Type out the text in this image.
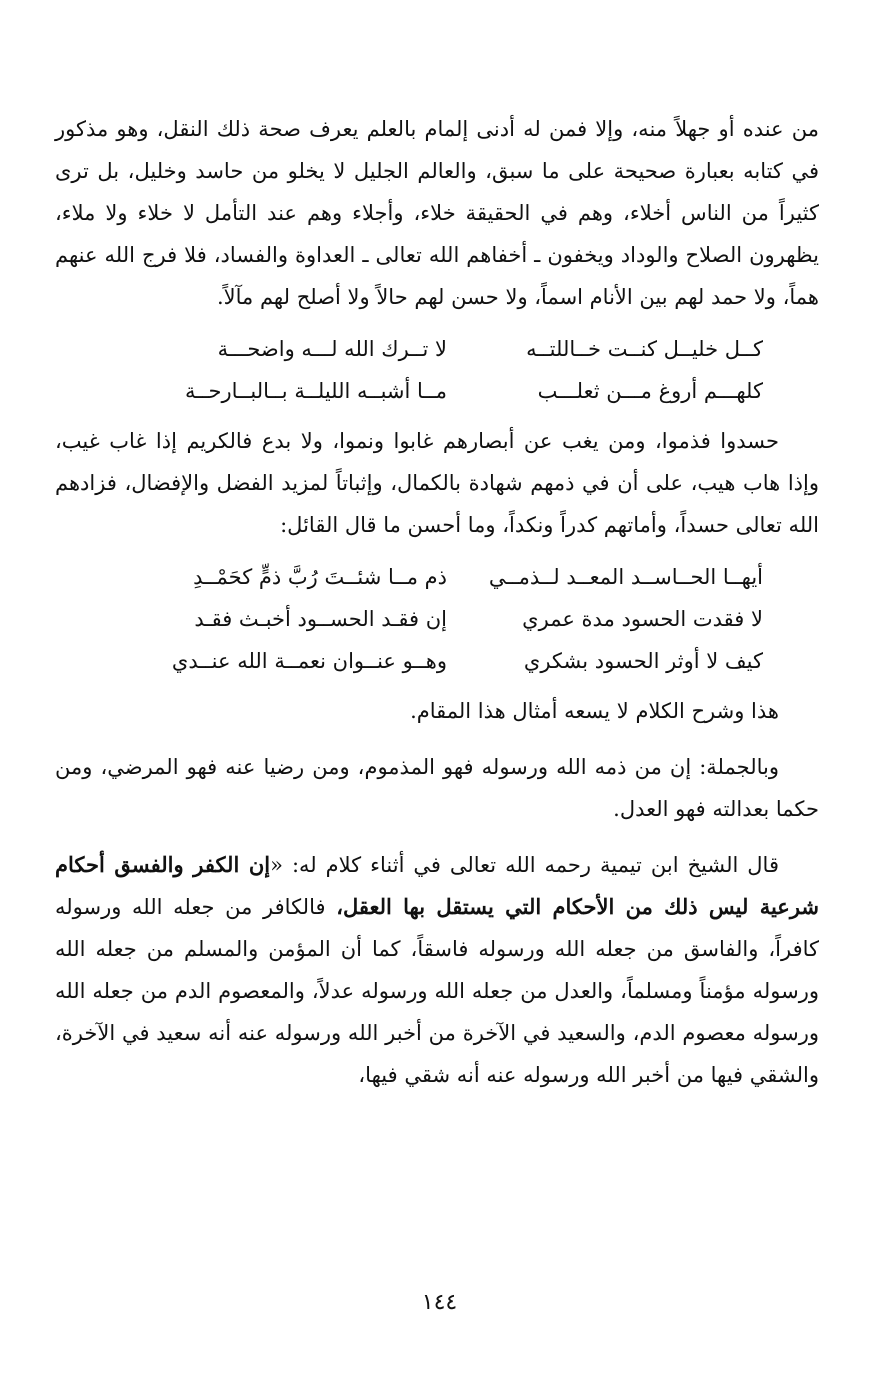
من عنده أو جهلاً منه، وإلا فمن له أدنى إلمام بالعلم يعرف صحة ذلك النقل، وهو مذكور في كتابه بعبارة صحيحة على ما سبق، والعالم الجليل لا يخلو من حاسد وخليل، بل ترى كثيراً من الناس أخلاء، وهم في الحقيقة خلاء، وأجلاء وهم عند التأمل لا خلاء ولا ملاء، يظهرون الصلاح والوداد ويخفون ـ أخفاهم الله تعالى ـ العداوة والفساد، فلا فرج الله عنهم هماً، ولا حمد لهم بين الأنام اسماً، ولا حسن لهم حالاً ولا أصلح لهم مآلاً.

كــل خليــل كنــت خــاللتــه
لا تــرك الله لـــه واضحـــة
كلهـــم أروغ مـــن ثعلـــب
مــا أشبــه الليلــة بــالبــارحــة

حسدوا فذموا، ومن يغب عن أبصارهم غابوا ونموا، ولا بدع فالكريم إذا غاب غيب، وإذا هاب هيب، على أن في ذمهم شهادة بالكمال، وإثباتاً لمزيد الفضل والإفضال، فزادهم الله تعالى حسداً، وأماتهم كدراً ونكداً، وما أحسن ما قال القائل:

أيهــا الحــاســد المعــد لــذمــي
ذم مــا شئــتَ رُبَّ ذمٍّ كحَمْــدِ
لا فقدت الحسود مدة عمري
إن فقـد الحســود أخبـث فقـد
كيف لا أوثر الحسود بشكري
وهــو عنــوان نعمــة الله عنــدي

هذا وشرح الكلام لا يسعه أمثال هذا المقام.

وبالجملة: إن من ذمه الله ورسوله فهو المذموم، ومن رضيا عنه فهو المرضي، ومن حكما بعدالته فهو العدل.

قال الشيخ ابن تيمية رحمه الله تعالى في أثناء كلام له: «إن الكفر والفسق أحكام شرعية ليس ذلك من الأحكام التي يستقل بها العقل، فالكافر من جعله الله ورسوله كافراً، والفاسق من جعله الله ورسوله فاسقاً، كما أن المؤمن والمسلم من جعله الله ورسوله مؤمناً ومسلماً، والعدل من جعله الله ورسوله عدلاً، والمعصوم الدم من جعله الله ورسوله معصوم الدم، والسعيد في الآخرة من أخبر الله ورسوله عنه أنه سعيد في الآخرة، والشقي فيها من أخبر الله ورسوله عنه أنه شقي فيها،

١٤٤
